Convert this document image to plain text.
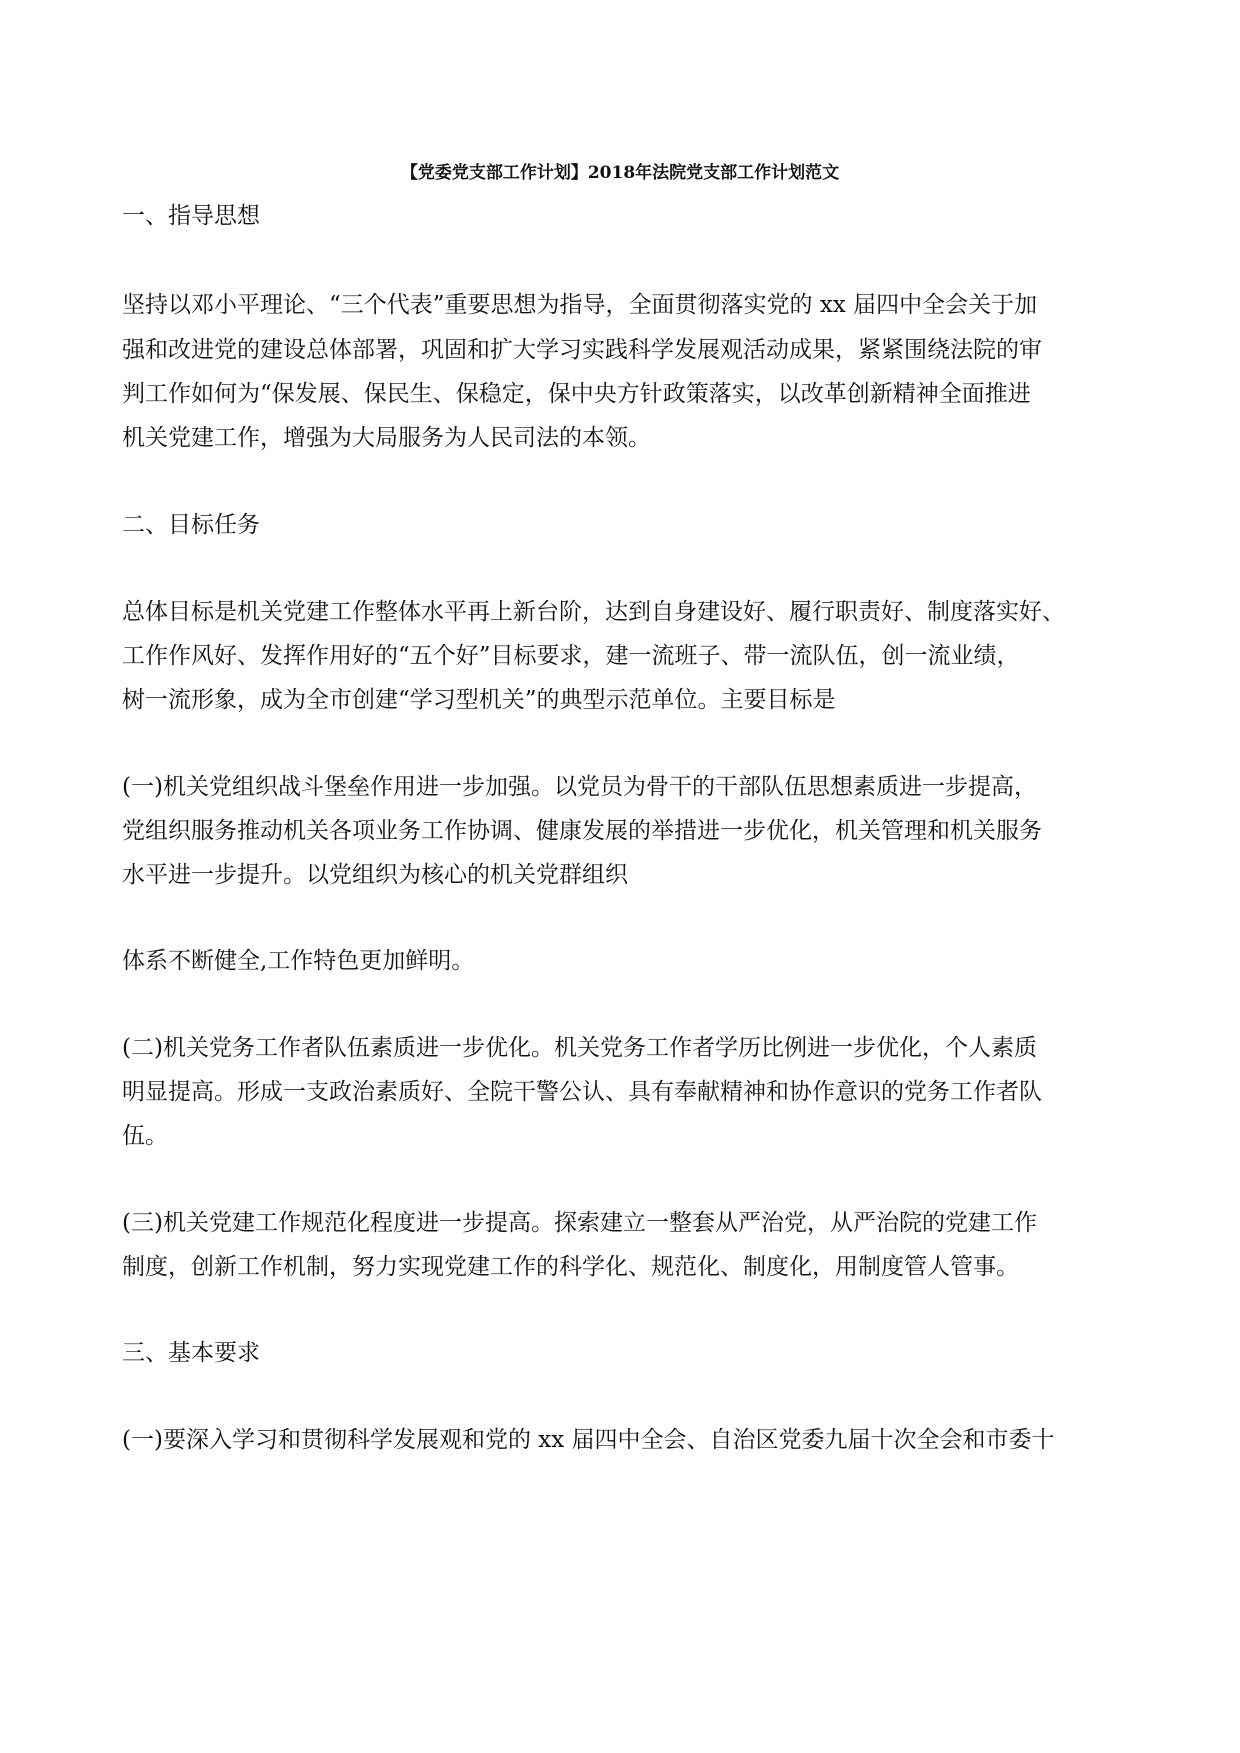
【党委党支部工作计划】2018年法院党支部工作计划范文
一、指导思想
坚持以邓小平理论、“三个代表”重要思想为指导，全面贯彻落实党的 xx 届四中全会关于加
强和改进党的建设总体部署，巩固和扩大学习实践科学发展观活动成果，紧紧围绕法院的审
判工作如何为“保发展、保民生、保稳定，保中央方针政策落实，以改革创新精神全面推进
机关党建工作，增强为大局服务为人民司法的本领。
二、目标任务
总体目标是机关党建工作整体水平再上新台阶，达到自身建设好、履行职责好、制度落实好、
工作作风好、发挥作用好的“五个好”目标要求，建一流班子、带一流队伍，创一流业绩，
树一流形象，成为全市创建“学习型机关”的典型示范单位。主要目标是
(一)机关党组织战斗堡垒作用进一步加强。以党员为骨干的干部队伍思想素质进一步提高，
党组织服务推动机关各项业务工作协调、健康发展的举措进一步优化，机关管理和机关服务
水平进一步提升。以党组织为核心的机关党群组织
体系不断健全,工作特色更加鲜明。
(二)机关党务工作者队伍素质进一步优化。机关党务工作者学历比例进一步优化，个人素质
明显提高。形成一支政治素质好、全院干警公认、具有奉献精神和协作意识的党务工作者队
伍。
(三)机关党建工作规范化程度进一步提高。探索建立一整套从严治党，从严治院的党建工作
制度，创新工作机制，努力实现党建工作的科学化、规范化、制度化，用制度管人管事。
三、基本要求
(一)要深入学习和贯彻科学发展观和党的 xx 届四中全会、自治区党委九届十次全会和市委十
